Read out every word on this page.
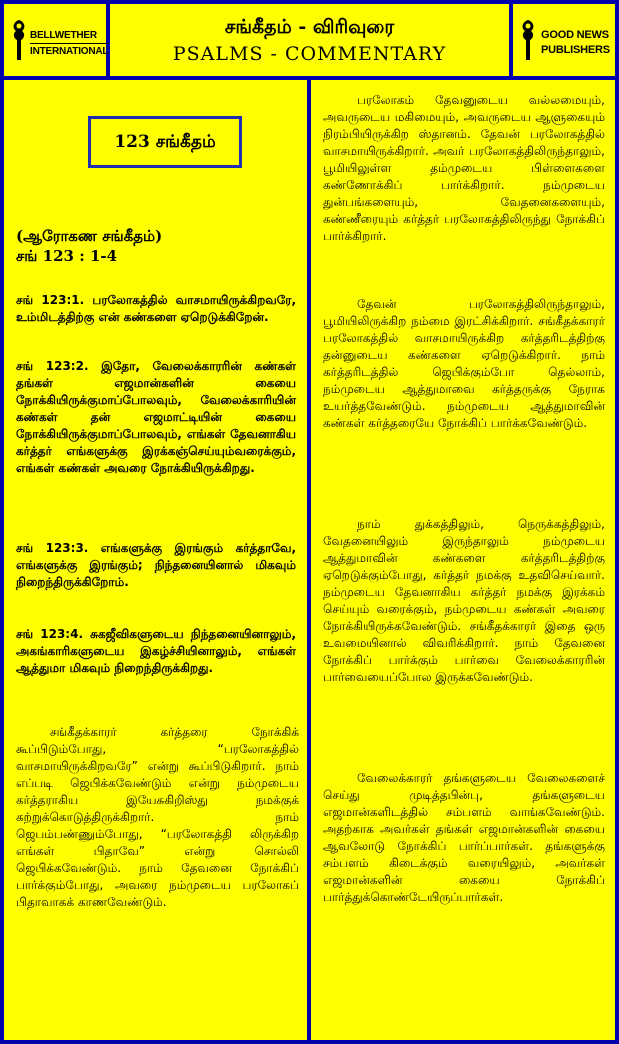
BELLWETHER
INTERNATIONAL
சங்கீதம் - விரிவுரை
PSALMS - COMMENTARY
GOOD NEWS
PUBLISHERS
123 சங்கீதம்
(ஆரோகண சங்கீதம்)
சங் 123 : 1-4
சங் 123:1. பரலோகத்தில் வாசமாயிருக்கிறவரே, உம்மிடத்திற்கு என் கண்களை ஏறெடுக்கிறேன்.
சங் 123:2. இதோ, வேலைக்காரரின் கண்கள் தங்கள் எஜமான்களின் கையை நோக்கியிருக்குமாப்போலவும், வேலைக்காரியின் கண்கள் தன் எஜமாட்டியின் கையை நோக்கியிருக்குமாப்போலவும், எங்கள் தேவனாகிய கர்த்தர் எங்களுக்கு இரக்கஞ்செய்யும்வரைக்கும், எங்கள் கண்கள் அவரை நோக்கியிருக்கிறது.
சங் 123:3. எங்களுக்கு இரங்கும் கர்த்தாவே, எங்களுக்கு இரங்கும்; நிந்தனையினால் மிகவும் நிறைந்திருக்கிறோம்.
சங் 123:4. சுகஜீவிகளுடைய நிந்தனையினாலும், அகங்காரிகளுடைய இகழ்ச்சியினாலும், எங்கள் ஆத்துமா மிகவும் நிறைந்திருக்கிறது.
சங்கீதக்காரர் கர்த்தரை நோக்கிக் கூப்பிடும்போது, “பரலோகத்தில் வாசமாயிருக்கிறவரே” என்று கூப்பிடுகிறார். நாம் எப்படி ஜெபிக்கவேண்டும் என்று நம்முடைய கர்த்தராகிய இயேசுகிறிஸ்து நமக்குக் கற்றுக்கொடுத்திருக்கிறார். நாம் ஜெபம்பண்ணும்போது, “பரலோகத்தி லிருக்கிற எங்கள் பிதாவே” என்று சொல்லி ஜெபிக்கவேண்டும். நாம் தேவனை நோக்கிப் பார்க்கும்போது, அவரை நம்முடைய பரலோகப் பிதாவாகக் காணவேண்டும்.
பரலோகம் தேவனுடைய வல்லமையும், அவருடைய மகிமையும், அவருடைய ஆளுகையும் நிரம்பியிருக்கிற ஸ்தானம். தேவன் பரலோகத்தில் வாசமாயிருக்கிறார். அவர் பரலோகத்திலிருந்தாலும், பூமியிலுள்ள தம்முடைய பிள்ளைகளை கண்ணோக்கிப் பார்க்கிறார். நம்முடைய துன்பங்களையும், வேதனைகளையும், கண்ணீரையும் கர்த்தர் பரலோகத்திலிருந்து நோக்கிப் பார்க்கிறார்.
தேவன் பரலோகத்திலிருந்தாலும், பூமியிலிருக்கிற நம்மை இரட்சிக்கிறார். சங்கீதக்காரர் பரலோகத்தில் வாசமாயிருக்கிற கர்த்தரிடத்திற்கு தன்னுடைய கண்களை ஏறெடுக்கிறார். நாம் கர்த்தரிடத்தில் ஜெபிக்கும்போ தெல்லாம், நம்முடைய ஆத்துமாவை கர்த்தருக்கு நேராக உயர்த்தவேண்டும். நம்முடைய ஆத்துமாவின் கண்கள் கர்த்தரையே நோக்கிப் பார்க்கவேண்டும்.
நாம் துக்கத்திலும், நெருக்கத்திலும், வேதனையிலும் இருந்தாலும் நம்முடைய ஆத்துமாவின் கண்களை கர்த்தரிடத்திற்கு ஏறெடுக்கும்போது, கர்த்தர் நமக்கு உதவிசெய்வார். நம்முடைய தேவனாகிய கர்த்தர் நமக்கு இரக்கம் செய்யும் வரைக்கும், நம்முடைய கண்கள் அவரை நோக்கியிருக்கவேண்டும். சங்கீதக்காரர் இதை ஒரு உவமையினால் விவரிக்கிறார். நாம் தேவனை நோக்கிப் பார்க்கும் பார்வை வேலைக்காரரின் பார்வையைப்போல இருக்கவேண்டும்.
வேலைக்காரர் தங்களுடைய வேலைகளைச் செய்து முடித்தபின்பு, தங்களுடைய எஜமான்களிடத்தில் சம்பளம் வாங்கவேண்டும். அதற்காக அவர்கள் தங்கள் எஜமான்களின் கையை ஆவலோடு நோக்கிப் பார்ப்பார்கள். தங்களுக்கு சம்பளம் கிடைக்கும் வரையிலும், அவர்கள் எஜமான்களின் கையை நோக்கிப் பார்த்துக்கொண்டேயிருப்பார்கள்.
